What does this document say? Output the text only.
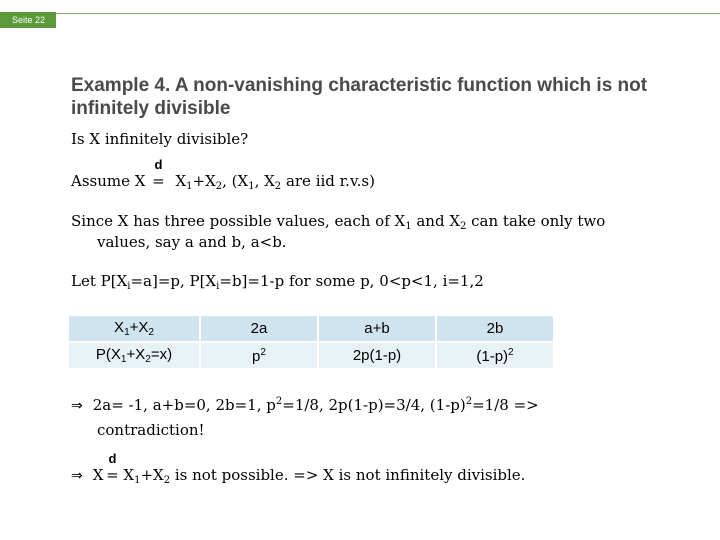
Seite 22
Example 4. A non-vanishing characteristic function which is not infinitely divisible
Is X infinitely divisible?
Assume X
d
= $X_1+X_2$, ($X_1$, $X_2$ are iid r.v.s)
Since X has three possible values, each of $X_1$ and $X_2$ can take only two
values, say a and b, a<b.
Let $P[X_i=a]=p$, $P[X_i=b]=1-p$ for some p, 0<p<1, i=1,2
$X_1+X_2$	2a	a+b	2b
$P(X_1+X_2=x)$	$p^2$	2p(1-p)	$(1-p)^2$
⇒ 2a= -1, a+b=0, 2b=1, $p^2=1/8$, 2p(1-p)=3/4, $(1-p)^2=1/8$ =>
contradiction!
⇒ X
d
= $X_1+X_2$ is not possible. => X is not infinitely divisible.
